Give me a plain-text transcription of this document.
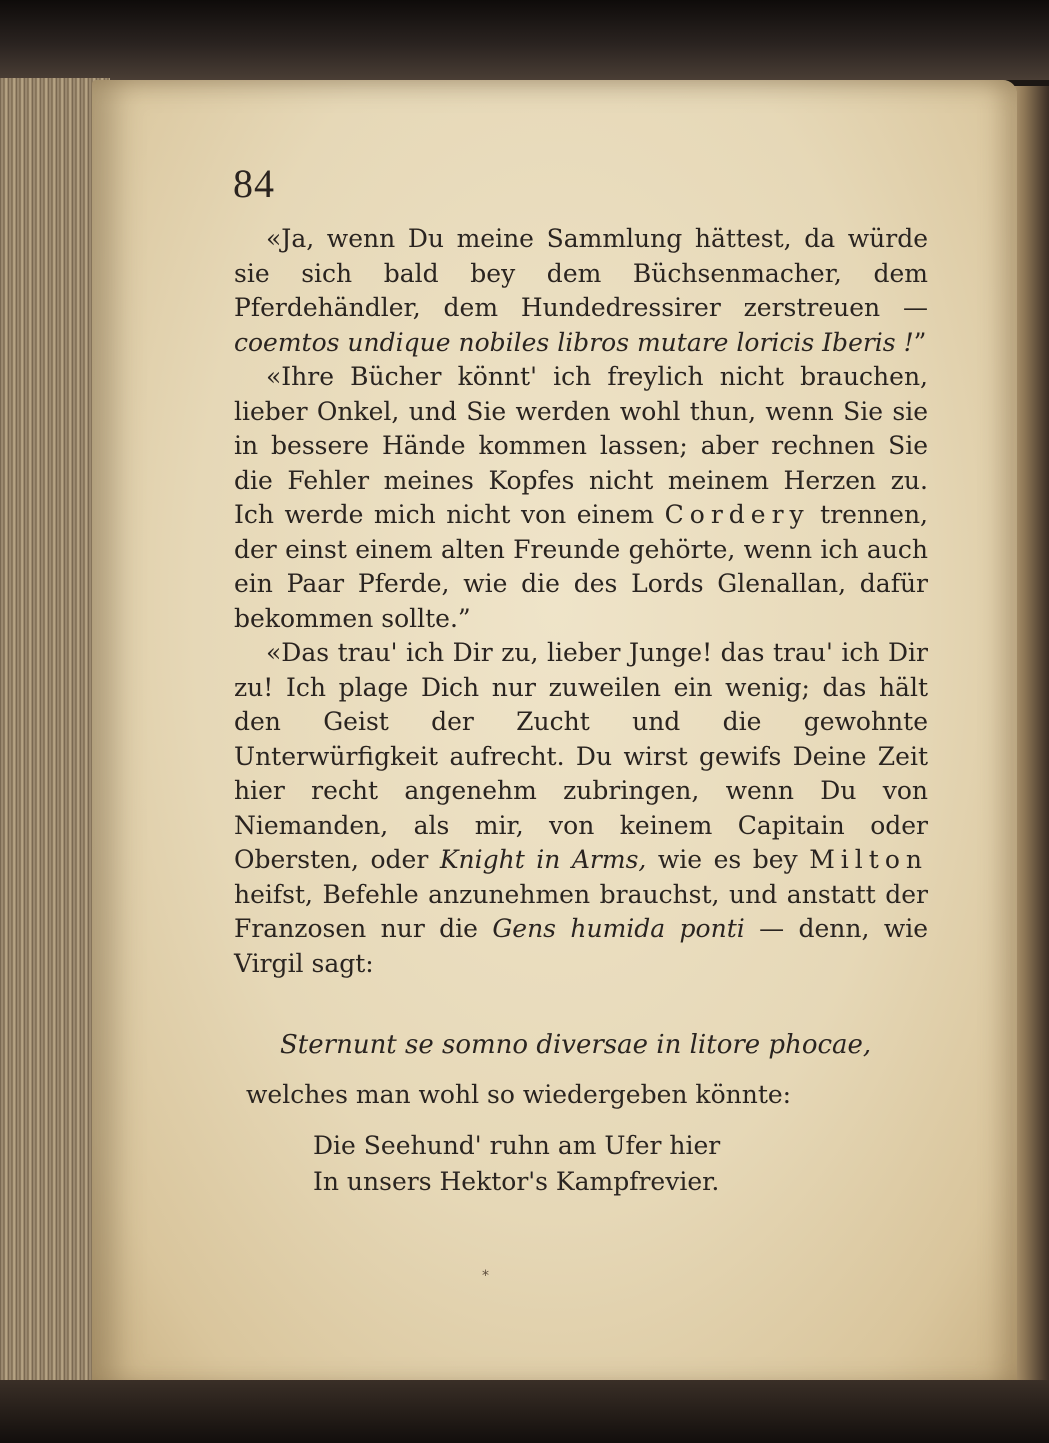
84

«Ja, wenn Du meine Sammlung hättest, da würde sie sich bald bey dem Büchsenmacher, dem Pferdehändler, dem Hundedressirer zerstreuen — coemtos undique nobiles libros mutare loricis Iberis !”

«Ihre Bücher könnt' ich freylich nicht brauchen, lieber Onkel, und Sie werden wohl thun, wenn Sie sie in bessere Hände kommen lassen; aber rechnen Sie die Fehler meines Kopfes nicht meinem Herzen zu. Ich werde mich nicht von einem Cordery trennen, der einst einem alten Freunde gehörte, wenn ich auch ein Paar Pferde, wie die des Lords Glenallan, dafür bekommen sollte.”

«Das trau' ich Dir zu, lieber Junge! das trau' ich Dir zu! Ich plage Dich nur zuweilen ein wenig; das hält den Geist der Zucht und die gewohnte Unterwürfigkeit aufrecht. Du wirst gewifs Deine Zeit hier recht angenehm zubringen, wenn Du von Niemanden, als mir, von keinem Capitain oder Obersten, oder Knight in Arms, wie es bey Milton heifst, Befehle anzunehmen brauchst, und anstatt der Franzosen nur die Gens humida ponti — denn, wie Virgil sagt:

Sternunt se somno diversae in litore phocae,
welches man wohl so wiedergeben könnte:
Die Seehund' ruhn am Ufer hier
In unsers Hektor's Kampfrevier.
*
